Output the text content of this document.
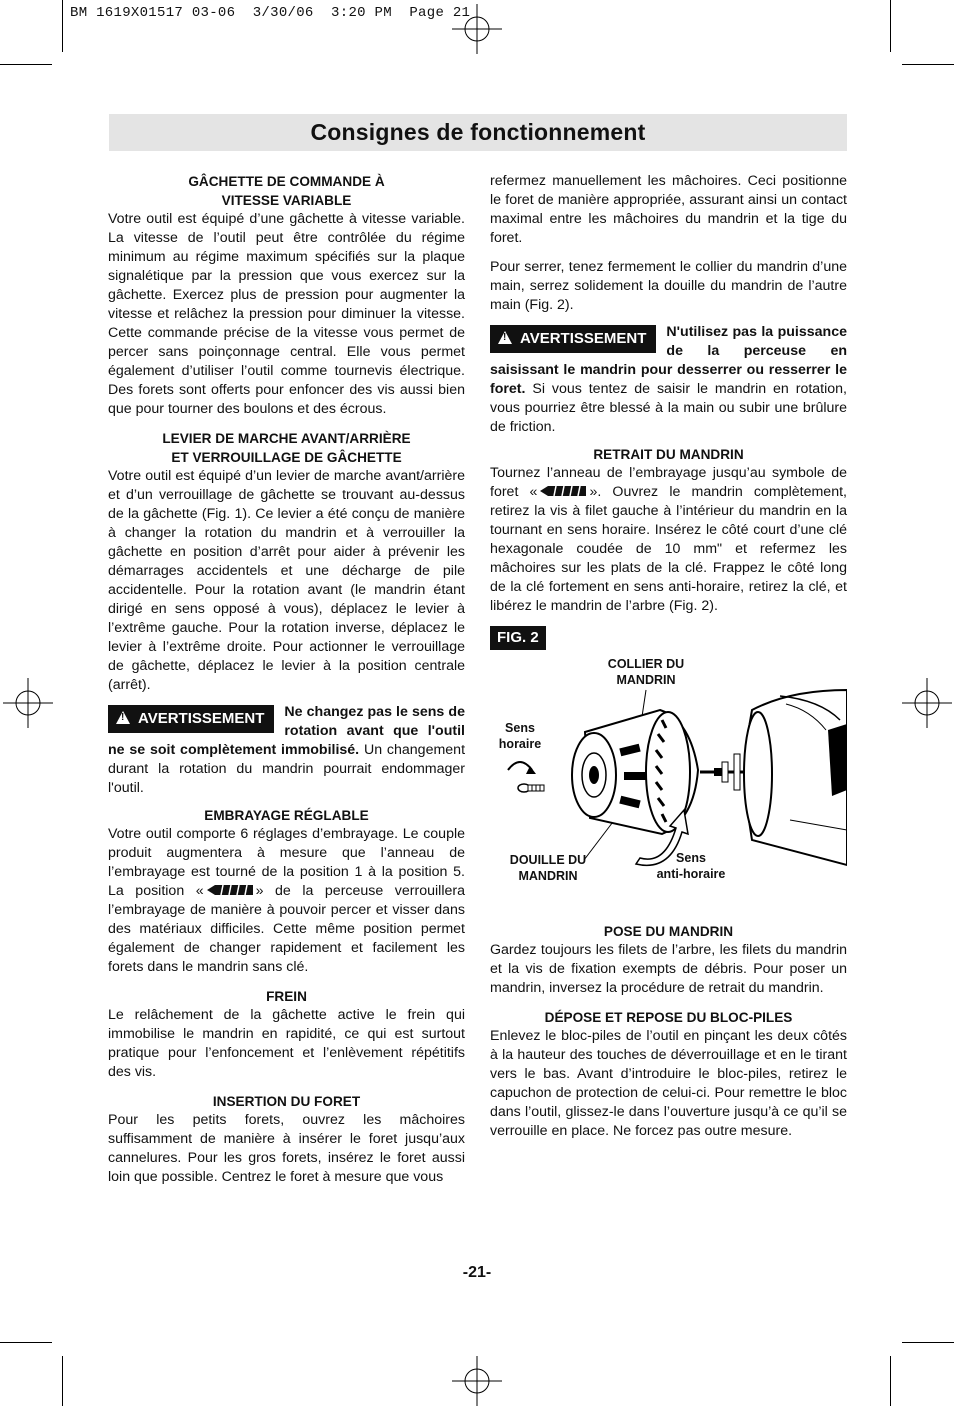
BM 1619X01517 03-06  3/30/06  3:20 PM  Page 21
Consignes de fonctionnement
GÂCHETTE DE COMMANDE À
VITESSE VARIABLE

Votre outil est équipé d’une gâchette à vitesse variable. La vitesse de l’outil peut être contrôlée du régime minimum au régime maximum spécifiés sur la plaque signalétique par la pression que vous exercez sur la gâchette. Exercez plus de pression pour augmenter la vitesse et relâchez la pression pour diminuer la vitesse. Cette commande précise de la vitesse vous permet de percer sans poinçonnage central. Elle vous permet également d’utiliser l’outil comme tournevis électrique. Des forets sont offerts pour enfoncer des vis aussi bien que pour tourner des boulons et des écrous.

LEVIER DE MARCHE AVANT/ARRIÈRE
ET VERROUILLAGE DE GÂCHETTE

Votre outil est équipé d’un levier de marche avant/arrière et d’un verrouillage de gâchette se trouvant au-dessus de la gâchette (Fig. 1). Ce levier a été conçu de manière à changer la rotation du mandrin et à verrouiller la gâchette en position d’arrêt pour aider à prévenir les démarrages accidentels et une décharge de pile accidentelle. Pour la rotation avant (le mandrin étant dirigé en sens opposé à vous), déplacez le levier à l’extrême gauche. Pour la rotation inverse, déplacez le levier à l’extrême droite. Pour actionner le verrouillage de gâchette, déplacez le levier à la position centrale (arrêt).

!AVERTISSEMENT	Ne changez pas le sens de rotation avant que l'outil ne se soit complètement immobilisé. Un changement durant la rotation du mandrin pourrait endommager l'outil.

EMBRAYAGE RÉGLABLE

Votre outil comporte 6 réglages d’embrayage. Le couple produit augmentera à mesure que l’anneau de l’embrayage est tourné de la position 1 à la position 5. La position «	» de la perceuse verrouillera l’embrayage de manière à pouvoir percer et visser dans des matériaux difficiles. Cette même position permet également de changer rapidement et facilement les forets dans le mandrin sans clé.

FREIN

Le relâchement de la gâchette active le frein qui immobilise le mandrin en rapidité, ce qui est surtout pratique pour l’enfoncement et l’enlèvement répétitifs des vis.

INSERTION DU FORET

Pour les petits forets, ouvrez les mâchoires suffisamment de manière à insérer le foret jusqu’aux cannelures. Pour les gros forets, insérez le foret aussi loin que possible. Centrez le foret à mesure que vous

refermez manuellement les mâchoires. Ceci positionne le foret de manière appropriée, assurant ainsi un contact maximal entre les mâchoires du mandrin et la tige du foret.

Pour serrer, tenez fermement le collier du mandrin d’une main, serrez solidement la douille du mandrin de l’autre main (Fig. 2).

!AVERTISSEMENT	N'utilisez pas la puissance de la perceuse en saisissant le mandrin pour desserrer ou resserrer le foret. Si vous tentez de saisir le mandrin en rotation, vous pourriez être blessé à la main ou subir une brûlure de friction.

RETRAIT DU MANDRIN

Tournez l’anneau de l’embrayage jusqu’au symbole de foret «	». Ouvrez le mandrin complètement, retirez la vis à filet gauche à l’intérieur du mandrin en la tournant en sens horaire. Insérez le côté court d’une clé hexagonale coudée de 10 mm" et refermez les mâchoires sur les plats de la clé. Frappez le côté long de la clé fortement en sens anti-horaire, retirez la clé, et libérez le mandrin de l’arbre (Fig. 2).

FIG. 2
COLLIER DU
MANDRIN
Sens
horaire
DOUILLE DU
MANDRIN
Sens
anti-horaire
POSE DU MANDRIN

Gardez toujours les filets de l’arbre, les filets du mandrin et la vis de fixation exempts de débris. Pour poser un mandrin, inversez la procédure de retrait du mandrin.

DÉPOSE ET REPOSE DU BLOC-PILES

Enlevez le bloc-piles de l’outil en pinçant les deux côtés à la hauteur des touches de déverrouillage et en le tirant vers le bas. Avant d’introduire le bloc-piles, retirez le capuchon de protection de celui-ci. Pour remettre le bloc dans l’outil, glissez-le dans l’ouverture jusqu’à ce qu’il se verrouille en place. Ne forcez pas outre mesure.

-21-
